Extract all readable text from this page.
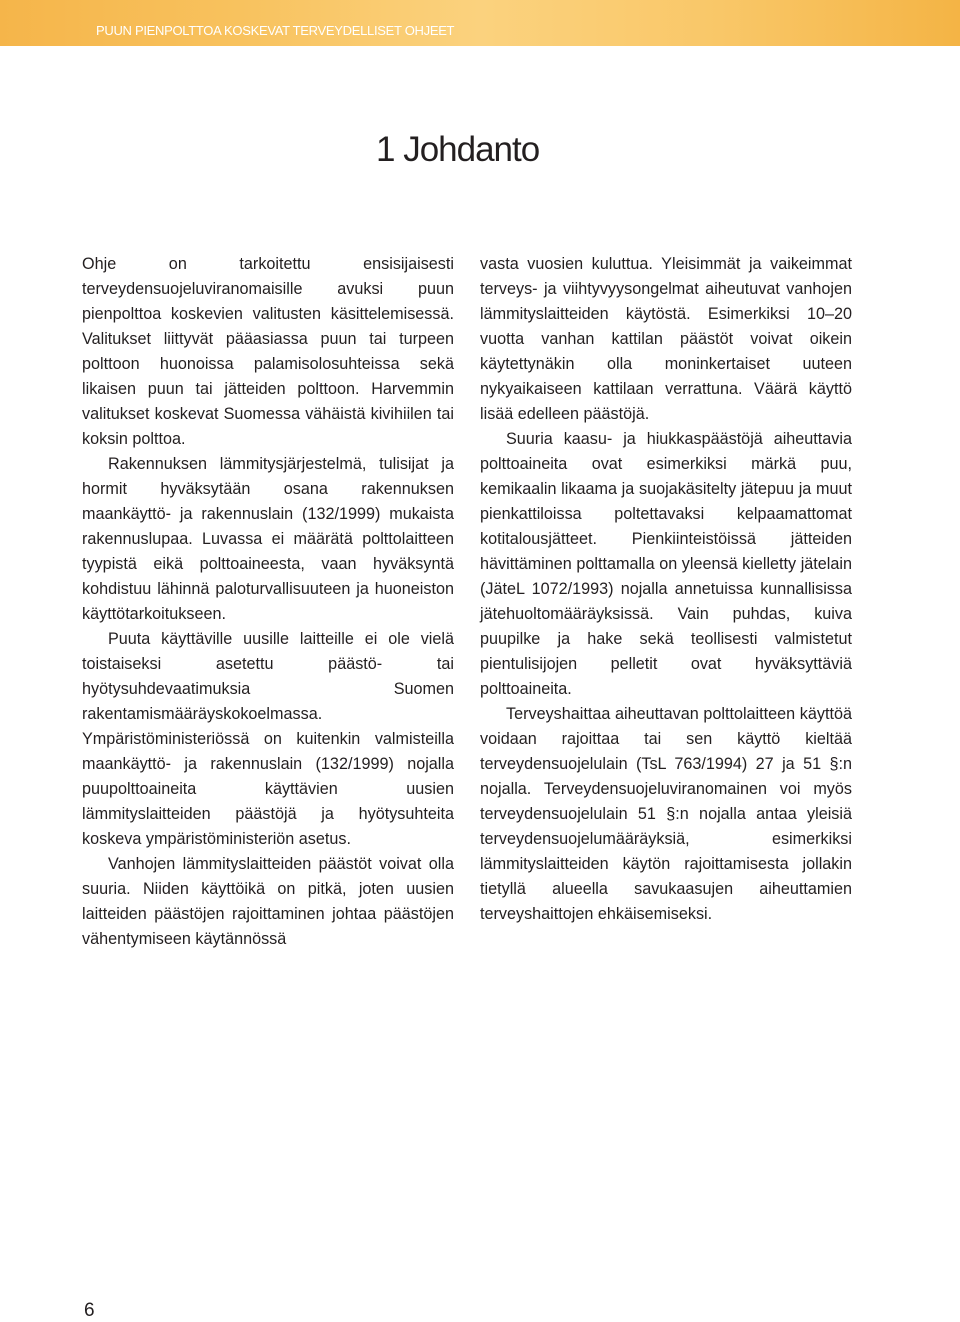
PUUN PIENPOLTTOA KOSKEVAT TERVEYDELLISET OHJEET
1 Johdanto

Ohje on tarkoitettu ensisijaisesti terveydensuojeluviranomaisille avuksi puun pienpolttoa koskevien valitusten käsittelemisessä. Valitukset liittyvät pääasiassa puun tai turpeen polttoon huonoissa palamisolosuhteissa sekä likaisen puun tai jätteiden polttoon. Harvemmin valitukset koskevat Suomessa vähäistä kivihiilen tai koksin polttoa.

Rakennuksen lämmitysjärjestelmä, tulisijat ja hormit hyväksytään osana rakennuksen maankäyttö- ja rakennuslain (132/1999) mukaista rakennuslupaa. Luvassa ei määrätä polttolaitteen tyypistä eikä polttoaineesta, vaan hyväksyntä kohdistuu lähinnä paloturvallisuuteen ja huoneiston käyttötarkoitukseen.

Puuta käyttäville uusille laitteille ei ole vielä toistaiseksi asetettu päästö- tai hyötysuhdevaatimuksia Suomen rakentamismääräyskokoelmassa. Ympäristöministeriössä on kuitenkin valmisteilla maankäyttö- ja rakennuslain (132/1999) nojalla puupolttoaineita käyttävien uusien lämmityslaitteiden päästöjä ja hyötysuhteita koskeva ympäristöministeriön asetus.

Vanhojen lämmityslaitteiden päästöt voivat olla suuria. Niiden käyttöikä on pitkä, joten uusien laitteiden päästöjen rajoittaminen johtaa päästöjen vähentymiseen käytännössä

vasta vuosien kuluttua. Yleisimmät ja vaikeimmat terveys- ja viihtyvyysongelmat aiheutuvat vanhojen lämmityslaitteiden käytöstä. Esimerkiksi 10–20 vuotta vanhan kattilan päästöt voivat oikein käytettynäkin olla moninkertaiset uuteen nykyaikaiseen kattilaan verrattuna. Väärä käyttö lisää edelleen päästöjä.

Suuria kaasu- ja hiukkaspäästöjä aiheuttavia polttoaineita ovat esimerkiksi märkä puu, kemikaalin likaama ja suojakäsitelty jätepuu ja muut pienkattiloissa poltettavaksi kelpaamattomat kotitalousjätteet. Pienkiinteistöissä jätteiden hävittäminen polttamalla on yleensä kielletty jätelain (JäteL 1072/1993) nojalla annetuissa kunnallisissa jätehuoltomääräyksissä. Vain puhdas, kuiva puupilke ja hake sekä teollisesti valmistetut pientulisijojen pelletit ovat hyväksyttäviä polttoaineita.

Terveyshaittaa aiheuttavan polttolaitteen käyttöä voidaan rajoittaa tai sen käyttö kieltää terveydensuojelulain (TsL 763/1994) 27 ja 51 §:n nojalla. Terveydensuojeluviranomainen voi myös terveydensuojelulain 51 §:n nojalla antaa yleisiä terveydensuojelumääräyksiä, esimerkiksi lämmityslaitteiden käytön rajoittamisesta jollakin tietyllä alueella savukaasujen aiheuttamien terveyshaittojen ehkäisemiseksi.

6
